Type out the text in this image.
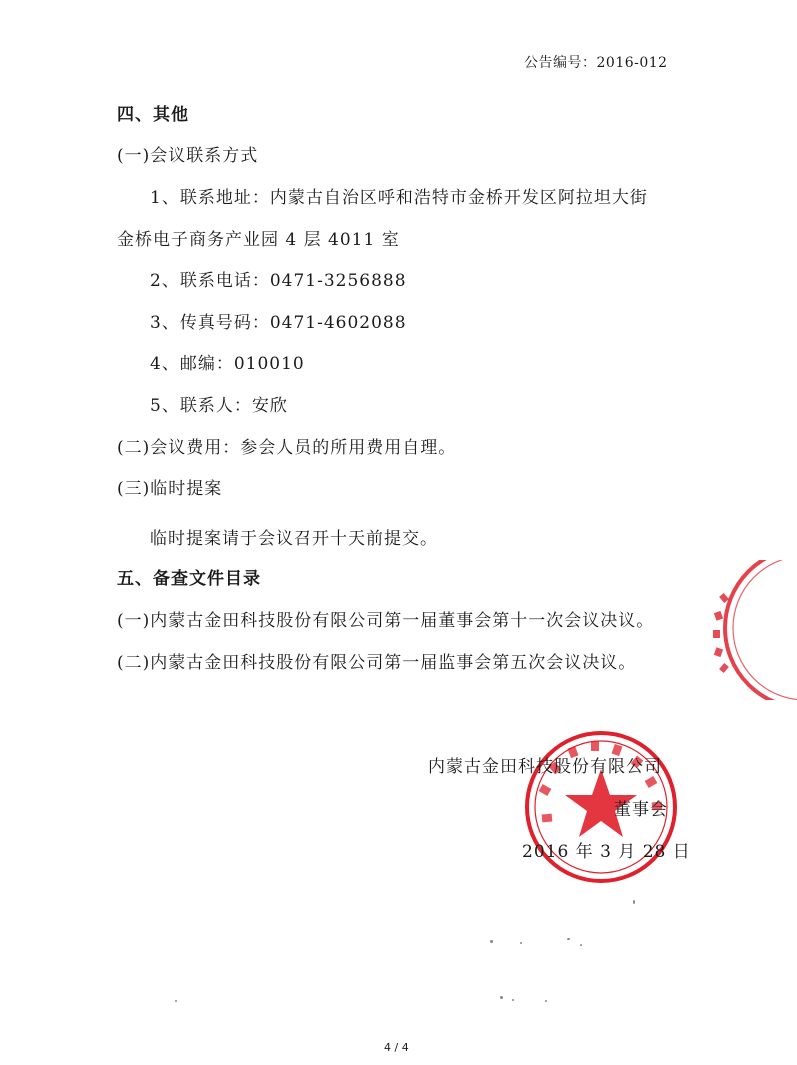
公告编号：2016-012
四、其他
(一)会议联系方式
1、联系地址：内蒙古自治区呼和浩特市金桥开发区阿拉坦大街
金桥电子商务产业园 4 层 4011 室
2、联系电话：0471-3256888
3、传真号码：0471-4602088
4、邮编：010010
5、联系人：安欣
(二)会议费用：参会人员的所用费用自理。
(三)临时提案
临时提案请于会议召开十天前提交。
五、备查文件目录
(一)内蒙古金田科技股份有限公司第一届董事会第十一次会议决议。
(二)内蒙古金田科技股份有限公司第一届监事会第五次会议决议。
内蒙古金田科技股份有限公司
董事会
2016 年 3 月 28 日
4 / 4
